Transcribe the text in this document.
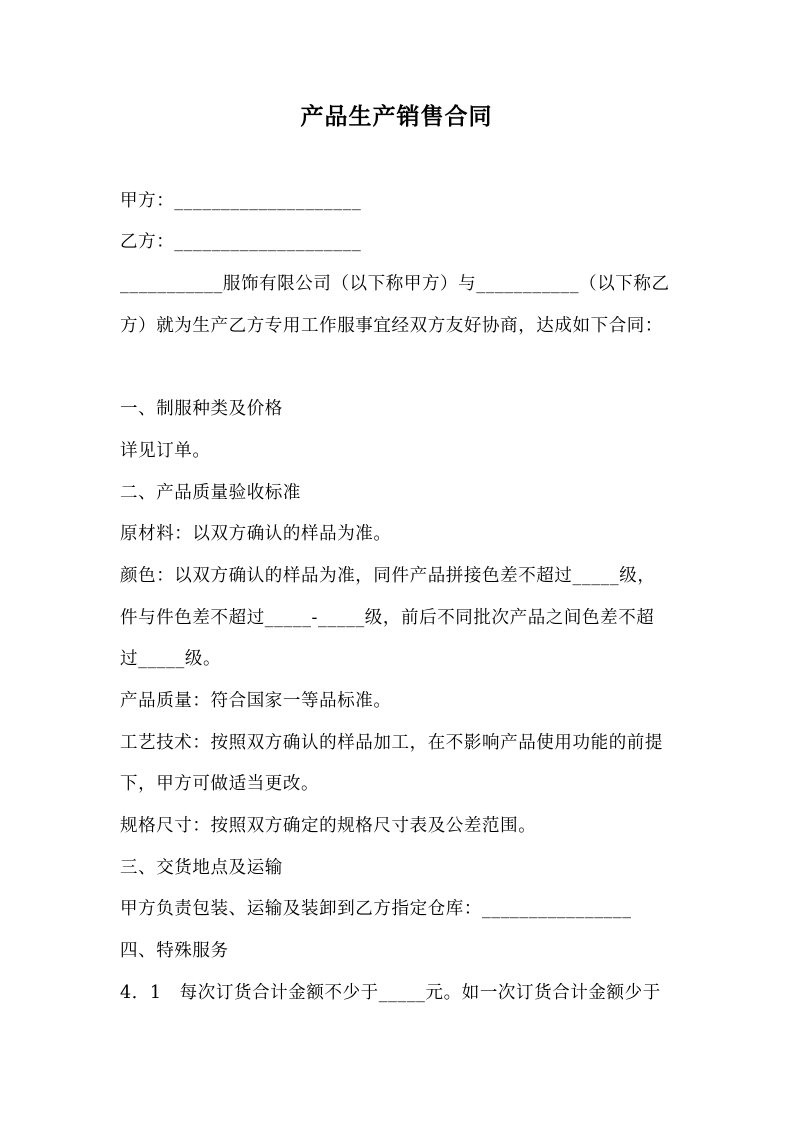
产品生产销售合同
甲方：____________________
乙方：____________________
___________服饰有限公司（以下称甲方）与___________（以下称乙
方）就为生产乙方专用工作服事宜经双方友好协商，达成如下合同：
一、制服种类及价格
详见订单。
二、产品质量验收标准
原材料：以双方确认的样品为准。
颜色：以双方确认的样品为准，同件产品拼接色差不超过_____级，
件与件色差不超过_____-_____级，前后不同批次产品之间色差不超
过_____级。
产品质量：符合国家一等品标准。
工艺技术：按照双方确认的样品加工，在不影响产品使用功能的前提
下，甲方可做适当更改。
规格尺寸：按照双方确定的规格尺寸表及公差范围。
三、交货地点及运输
甲方负责包装、运输及装卸到乙方指定仓库：________________
四、特殊服务
4．1　每次订货合计金额不少于_____元。如一次订货合计金额少于
